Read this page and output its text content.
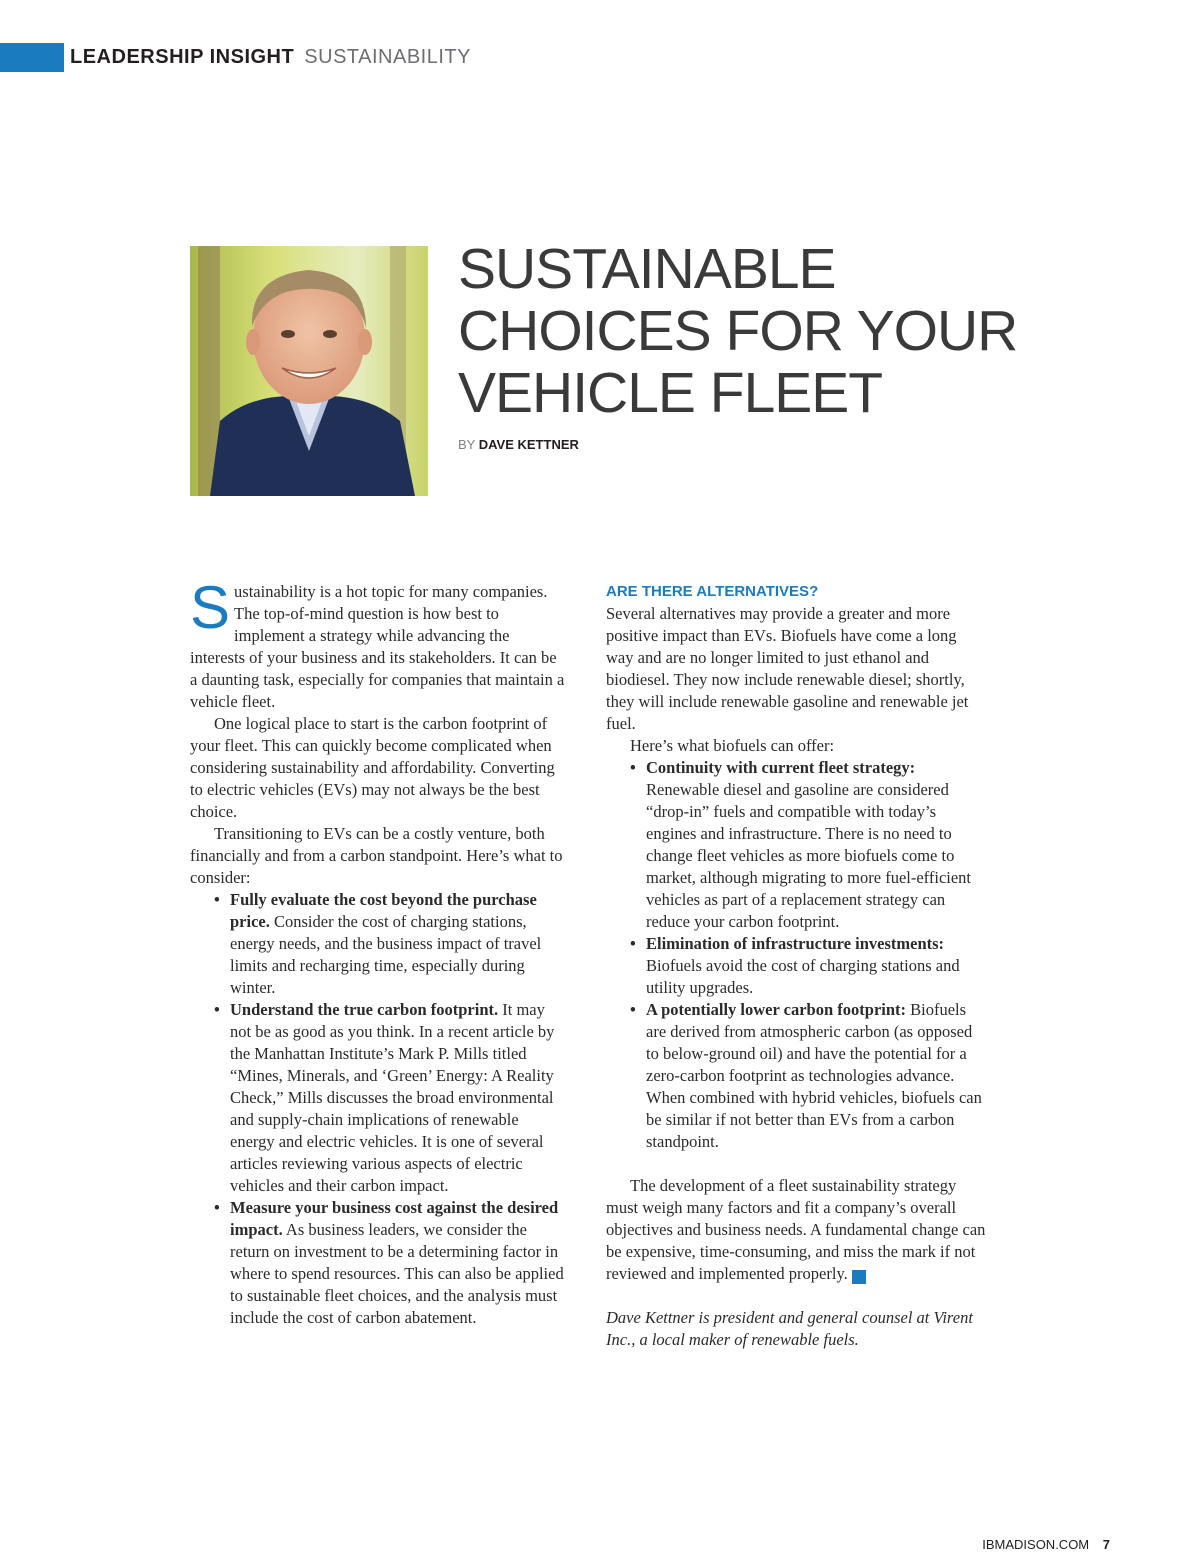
LEADERSHIP INSIGHT SUSTAINABILITY
SUSTAINABLE CHOICES FOR YOUR VEHICLE FLEET
BY DAVE KETTNER

Sustainability is a hot topic for many companies. The top-of-mind question is how best to implement a strategy while advancing the interests of your business and its stakeholders. It can be a daunting task, especially for companies that maintain a vehicle fleet.

One logical place to start is the carbon footprint of your fleet. This can quickly become complicated when considering sustainability and affordability. Converting to electric vehicles (EVs) may not always be the best choice.

Transitioning to EVs can be a costly venture, both financially and from a carbon standpoint. Here’s what to consider:

• Fully evaluate the cost beyond the purchase price. Consider the cost of charging stations, energy needs, and the business impact of travel limits and recharging time, especially during winter.
• Understand the true carbon footprint. It may not be as good as you think. In a recent article by the Manhattan Institute’s Mark P. Mills titled “Mines, Minerals, and ‘Green’ Energy: A Reality Check,” Mills discusses the broad environmental and supply-chain implications of renewable energy and electric vehicles. It is one of several articles reviewing various aspects of electric vehicles and their carbon impact.
• Measure your business cost against the desired impact. As business leaders, we consider the return on investment to be a determining factor in where to spend resources. This can also be applied to sustainable fleet choices, and the analysis must include the cost of carbon abatement.

ARE THERE ALTERNATIVES?

Several alternatives may provide a greater and more positive impact than EVs. Biofuels have come a long way and are no longer limited to just ethanol and biodiesel. They now include renewable diesel; shortly, they will include renewable gasoline and renewable jet fuel.

Here’s what biofuels can offer:

• Continuity with current fleet strategy: Renewable diesel and gasoline are considered “drop-in” fuels and compatible with today’s engines and infrastructure. There is no need to change fleet vehicles as more biofuels come to market, although migrating to more fuel-efficient vehicles as part of a replacement strategy can reduce your carbon footprint.
• Elimination of infrastructure investments: Biofuels avoid the cost of charging stations and utility upgrades.
• A potentially lower carbon footprint: Biofuels are derived from atmospheric carbon (as opposed to below-ground oil) and have the potential for a zero-carbon footprint as technologies advance. When combined with hybrid vehicles, biofuels can be similar if not better than EVs from a carbon standpoint.

The development of a fleet sustainability strategy must weigh many factors and fit a company’s overall objectives and business needs. A fundamental change can be expensive, time-consuming, and miss the mark if not reviewed and implemented properly.	IB

Dave Kettner is president and general counsel at Virent Inc., a local maker of renewable fuels.

IBMADISON.COM 7
